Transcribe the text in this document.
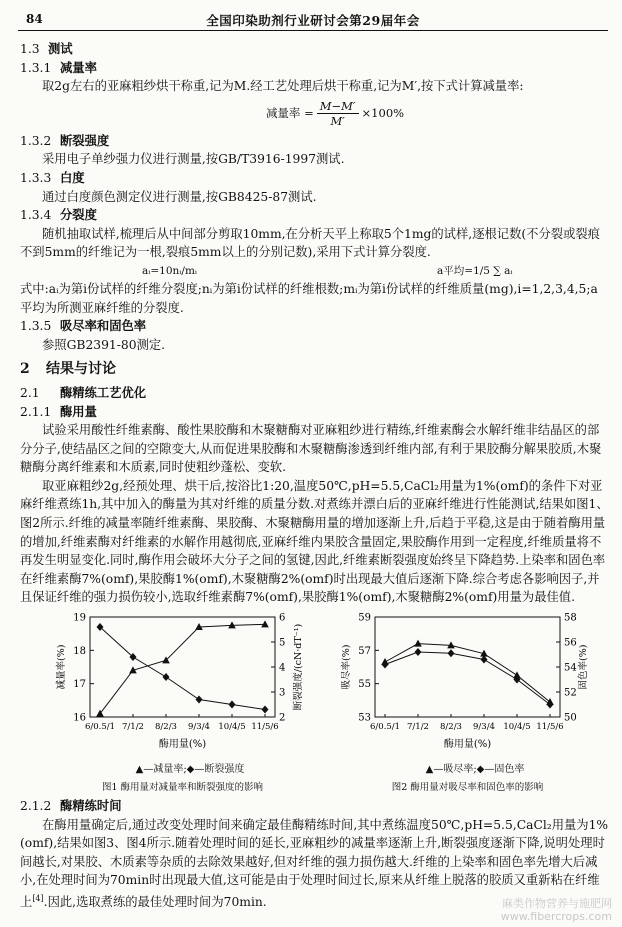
84	全国印染助剂行业研讨会第29届年会
1.3 测试
1.3.1 减量率
取2g左右的亚麻粗纱烘干称重,记为M.经工艺处理后烘干称重,记为M′,按下式计算减量率:
减量率 = $\frac{M-M'}{M'} \times 100\%$
1.3.2 断裂强度
采用电子单纱强力仪进行测量,按GB/T3916-1997测试.
1.3.3 白度
通过白度颜色测定仪进行测量,按GB8425-87测试.
1.3.4 分裂度
随机抽取试样,梳理后从中间部分剪取10mm,在分析天平上称取5个1mg的试样,逐根记数(不分裂或裂痕不到5mm的纤维记为一根,裂痕5mm以上的分别记数),采用下式计算分裂度.
aᵢ=10nᵢ/mᵢ	a平均=1/5 ∑ aᵢ
式中:aᵢ为第i份试样的纤维分裂度;nᵢ为第i份试样的纤维根数;mᵢ为第i份试样的纤维质量(mg),i=1,2,3,4,5;a平均为所测亚麻纤维的分裂度.
1.3.5 吸尽率和固色率
参照GB2391-80测定.
2 结果与讨论
2.1 酶精练工艺优化
2.1.1 酶用量
试验采用酸性纤维素酶、酸性果胶酶和木聚糖酶对亚麻粗纱进行精练,纤维素酶会水解纤维非结晶区的部分分子,使结晶区之间的空隙变大,从而促进果胶酶和木聚糖酶渗透到纤维内部,有利于果胶酶分解果胶质,木聚糖酶分离纤维素和木质素,同时使粗纱蓬松、变软.
取亚麻粗纱2g,经预处理、烘干后,按浴比1:20,温度50℃,pH=5.5,CaCl₂用量为1%(omf)的条件下对亚麻纤维煮练1h,其中加入的酶量为其对纤维的质量分数.对煮练并漂白后的亚麻纤维进行性能测试,结果如图1、图2所示.纤维的减量率随纤维素酶、果胶酶、木聚糖酶用量的增加逐渐上升,后趋于平稳,这是由于随着酶用量的增加,纤维素酶对纤维素的水解作用越彻底,亚麻纤维内果胶含量固定,果胶酶作用到一定程度,纤维质量将不再发生明显变化.同时,酶作用会破坏大分子之间的氢键,因此,纤维素断裂强度始终呈下降趋势.上染率和固色率在纤维素酶7%(omf),果胶酶1%(omf),木聚糖酶2%(omf)时出现最大值后逐渐下降.综合考虑各影响因子,并且保证纤维的强力损伤较小,选取纤维素酶7%(omf),果胶酶1%(omf),木聚糖酶2%(omf)用量为最佳值.
16
17
18
19
2
3
4
5
6
6/0.5/1 7/1/2 8/2/3 9/3/4 10/4/5 11/5/6
酶用量(%)
减量率(%)	断裂强度/(cN·dT⁻¹)
▲—减量率;◆—断裂强度
图1 酶用量对减量率和断裂强度的影响
53
55
57
59
50
52
54
56
58
6/0.5/1 7/1/2 8/2/3 9/3/4 10/4/5 11/5/6
酶用量(%)
吸尽率(%)	固色率(%)
▲—吸尽率;◆—固色率
图2 酶用量对吸尽率和固色率的影响
2.1.2 酶精练时间
在酶用量确定后,通过改变处理时间来确定最佳酶精练时间,其中煮练温度50℃,pH=5.5,CaCl₂用量为1%(omf),结果如图3、图4所示.随着处理时间的延长,亚麻粗纱的减量率逐渐上升,断裂强度逐渐下降,说明处理时间越长,对果胶、木质素等杂质的去除效果越好,但对纤维的强力损伤越大.纤维的上染率和固色率先增大后减小,在处理时间为70min时出现最大值,这可能是由于处理时间过长,原来从纤维上脱落的胶质又重新粘在纤维上[4].因此,选取煮练的最佳处理时间为70min.	麻类作物营养与施肥网
www.fibercrops.com
